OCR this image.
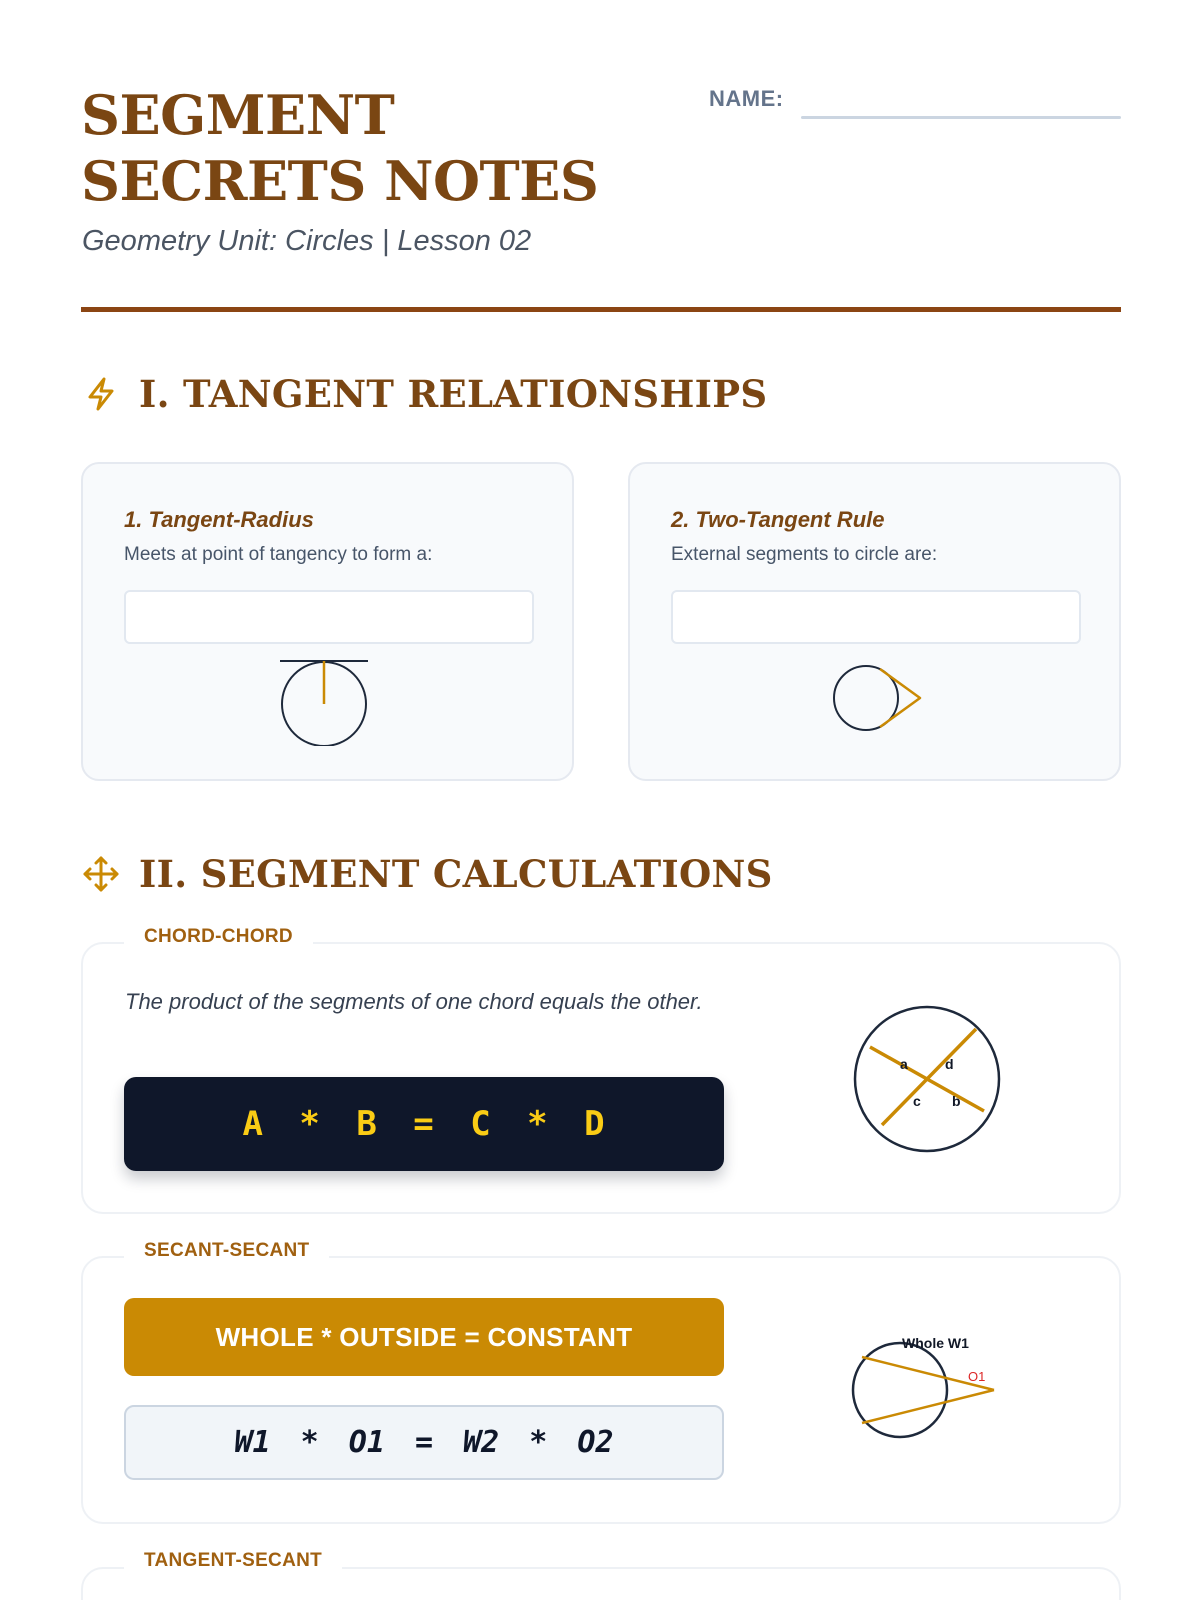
SEGMENT SECRETS NOTES
Geometry Unit: Circles | Lesson 02
NAME:
I. TANGENT RELATIONSHIPS
1. Tangent-Radius
Meets at point of tangency to form a:
2. Two-Tangent Rule
External segments to circle are:
II. SEGMENT CALCULATIONS
CHORD-CHORD
The product of the segments of one chord equals the other.
A * B = C * D
a	d
c b
SECANT-SECANT
WHOLE * OUTSIDE = CONSTANT
W1 * O1 = W2 * O2
Whole W1
O1
TANGENT-SECANT
